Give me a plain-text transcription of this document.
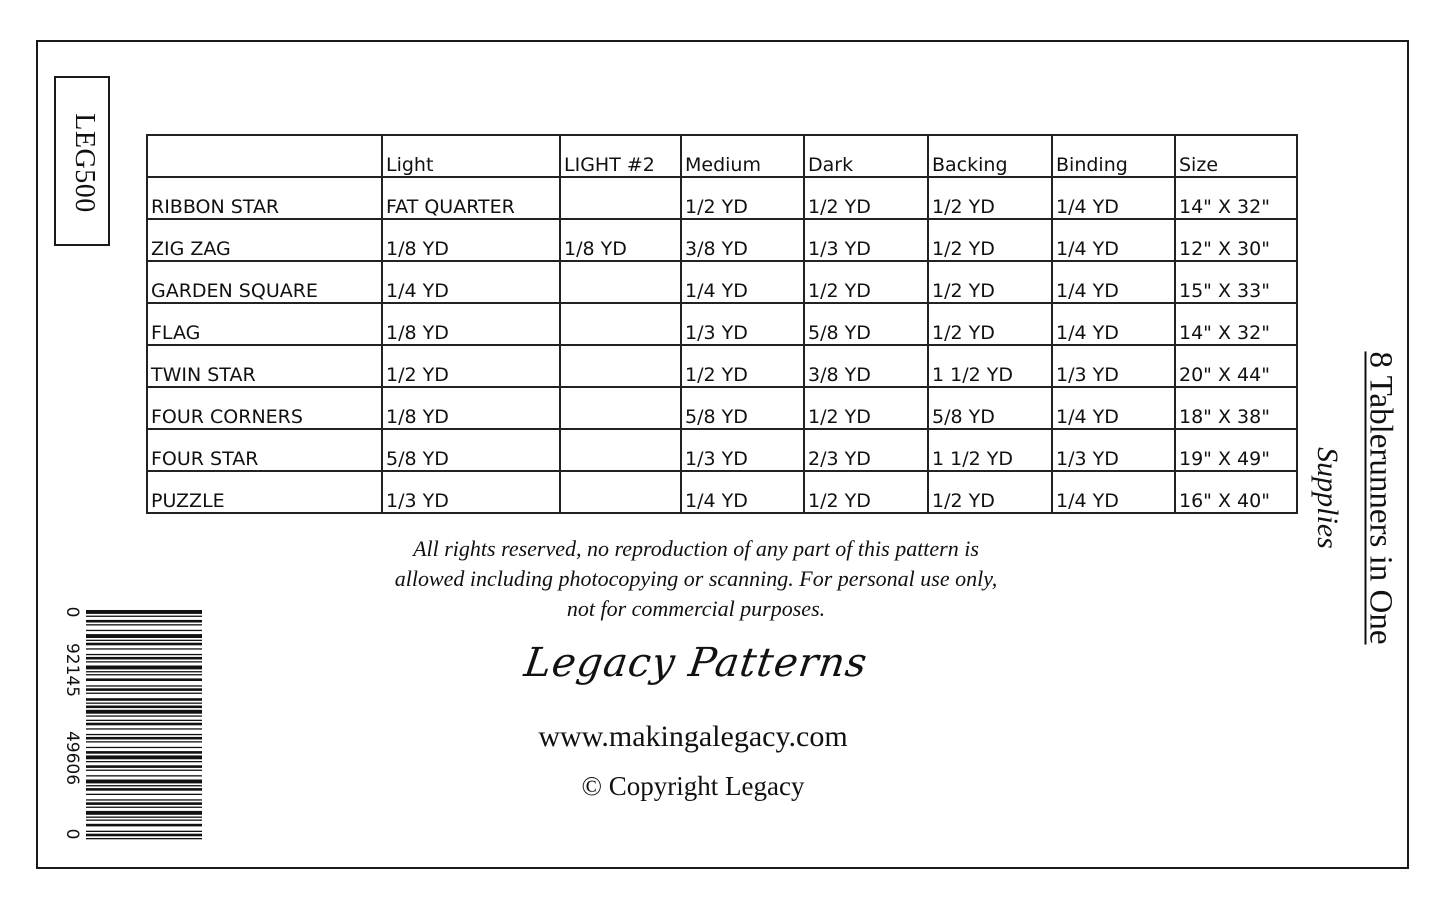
LEG500
		Light	LIGHT #2	Medium	Dark	Backing	Binding	Size
RIBBON STAR	FAT QUARTER		1/2 YD	1/2 YD	1/2 YD	1/4 YD	14" X 32"
ZIG ZAG	1/8 YD	1/8 YD	3/8 YD	1/3 YD	1/2 YD	1/4 YD	12" X 30"
GARDEN SQUARE	1/4 YD		1/4 YD	1/2 YD	1/2 YD	1/4 YD	15" X 33"
FLAG	1/8 YD		1/3 YD	5/8 YD	1/2 YD	1/4 YD	14" X 32"
TWIN STAR	1/2 YD		1/2 YD	3/8 YD	1 1/2 YD	1/3 YD	20" X 44"
FOUR CORNERS	1/8 YD		5/8 YD	1/2 YD	5/8 YD	1/4 YD	18" X 38"
FOUR STAR	5/8 YD		1/3 YD	2/3 YD	1 1/2 YD	1/3 YD	19" X 49"
PUZZLE	1/3 YD		1/4 YD	1/2 YD	1/2 YD	1/4 YD	16" X 40"
All rights reserved, no reproduction of any part of this pattern is
allowed including photocopying or scanning. For personal use only,
not for commercial purposes.
Legacy Patterns
www.makingalegacy.com
© Copyright Legacy
8 Tablerunners in One
Supplies
0
92145
49606
0
